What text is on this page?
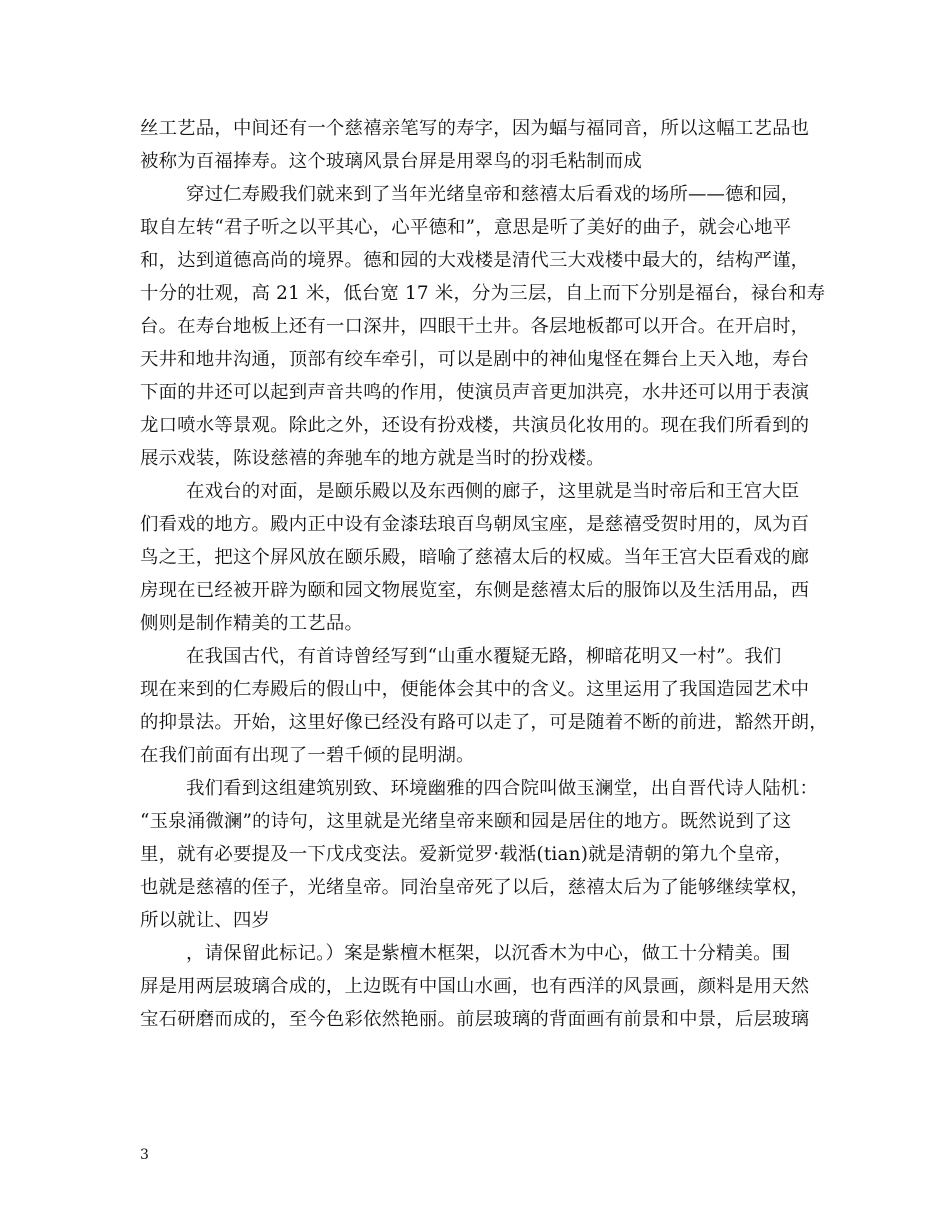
丝工艺品，中间还有一个慈禧亲笔写的寿字，因为蝠与福同音，所以这幅工艺品也
被称为百福捧寿。这个玻璃风景台屏是用翠鸟的羽毛粘制而成
穿过仁寿殿我们就来到了当年光绪皇帝和慈禧太后看戏的场所——德和园，
取自左转“君子听之以平其心，心平德和”，意思是听了美好的曲子，就会心地平
和，达到道德高尚的境界。德和园的大戏楼是清代三大戏楼中最大的，结构严谨，
十分的壮观，高 21 米，低台宽 17 米，分为三层，自上而下分别是福台，禄台和寿
台。在寿台地板上还有一口深井，四眼干土井。各层地板都可以开合。在开启时，
天井和地井沟通，顶部有绞车牵引，可以是剧中的神仙鬼怪在舞台上天入地，寿台
下面的井还可以起到声音共鸣的作用，使演员声音更加洪亮，水井还可以用于表演
龙口喷水等景观。除此之外，还设有扮戏楼，共演员化妆用的。现在我们所看到的
展示戏装，陈设慈禧的奔驰车的地方就是当时的扮戏楼。
在戏台的对面，是颐乐殿以及东西侧的廊子，这里就是当时帝后和王宫大臣
们看戏的地方。殿内正中设有金漆珐琅百鸟朝凤宝座，是慈禧受贺时用的，凤为百
鸟之王，把这个屏风放在颐乐殿，暗喻了慈禧太后的权威。当年王宫大臣看戏的廊
房现在已经被开辟为颐和园文物展览室，东侧是慈禧太后的服饰以及生活用品，西
侧则是制作精美的工艺品。
在我国古代，有首诗曾经写到“山重水覆疑无路，柳暗花明又一村”。我们
现在来到的仁寿殿后的假山中，便能体会其中的含义。这里运用了我国造园艺术中
的抑景法。开始，这里好像已经没有路可以走了，可是随着不断的前进，豁然开朗，
在我们前面有出现了一碧千倾的昆明湖。
我们看到这组建筑别致、环境幽雅的四合院叫做玉澜堂，出自晋代诗人陆机：
“玉泉涌微澜”的诗句，这里就是光绪皇帝来颐和园是居住的地方。既然说到了这
里，就有必要提及一下戊戌变法。爱新觉罗·载湉(tian)就是清朝的第九个皇帝，
也就是慈禧的侄子，光绪皇帝。同治皇帝死了以后，慈禧太后为了能够继续掌权，
所以就让、四岁
，请保留此标记。）案是紫檀木框架，以沉香木为中心，做工十分精美。围
屏是用两层玻璃合成的，上边既有中国山水画，也有西洋的风景画，颜料是用天然
宝石研磨而成的，至今色彩依然艳丽。前层玻璃的背面画有前景和中景，后层玻璃
3
